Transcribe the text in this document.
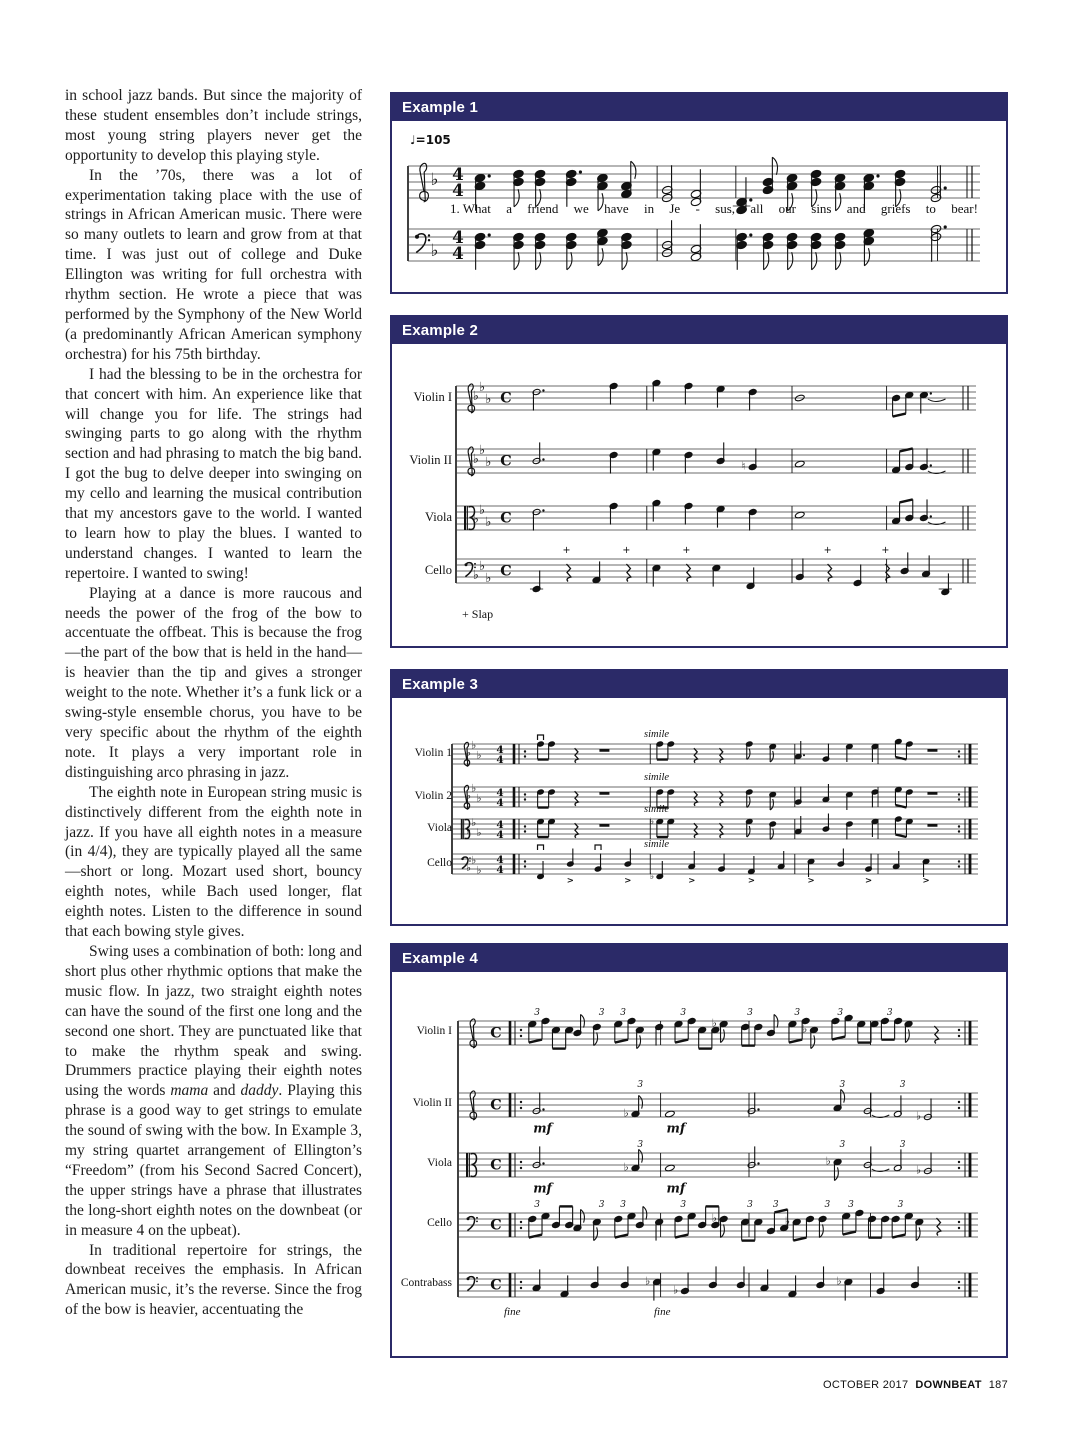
in school jazz bands. But since the majority of these student ensembles don’t include strings, most young string players never get the opportunity to develop this playing style.

In the ’70s, there was a lot of experimentation taking place with the use of strings in African American music. There were so many outlets to learn and grow from at that time. I was just out of college and Duke Ellington was writing for full orchestra with rhythm section. He wrote a piece that was performed by the Symphony of the New World (a predominantly African American symphony orchestra) for his 75th birthday.

I had the blessing to be in the orchestra for that concert with him. An experience like that will change you for life. The strings had swinging parts to go along with the rhythm section and had phrasing to match the big band. I got the bug to delve deeper into swinging on my cello and learning the musical contribution that my ancestors gave to the world. I wanted to learn how to play the blues. I wanted to understand changes. I wanted to learn the repertoire. I wanted to swing!

Playing at a dance is more raucous and needs the power of the frog of the bow to accentuate the offbeat. This is because the frog—the part of the bow that is held in the hand—is heavier than the tip and gives a stronger weight to the note. Whether it’s a funk lick or a swing-style ensemble chorus, you have to be very specific about the rhythm of the eighth note. It plays a very important role in distinguishing arco phrasing in jazz.

The eighth note in European string music is distinctively different from the eighth note in jazz. If you have all eighth notes in a measure (in 4/4), they are typically played all the same—short or long. Mozart used short, bouncy eighth notes, while Bach used longer, flat eighth notes. Listen to the difference in sound that each bowing style gives.

Swing uses a combination of both: long and short plus other rhythmic options that make the music flow. In jazz, two straight eighth notes can have the sound of the first one long and the second one short. They are punctuated like that to make the rhythm speak and swing. Drummers practice playing their eighth notes using the words mama and daddy. Playing this phrase is a good way to get strings to emulate the sound of swing with the bow. In Example 3, my string quartet arrangement of Ellington’s “Freedom” (from his Second Sacred Concert), the upper strings have a phrase that illustrates the long-short eighth notes on the downbeat (or in measure 4 on the upbeat).

In traditional repertoire for strings, the downbeat receives the emphasis. In African American music, it’s the reverse. Since the frog of the bow is heavier, accentuating the

Example 1
♭ 4
4
♭
4
4
♩=105
1. What a friend we have in Je - sus, all our sins and griefs to bear!
Example 2
♭
♭
♭ C
♭
♭
♭ C	♮
♭
♭
♭ C
♭
♭
♭ C
+	+	+	+	+
Violin I
Violin II
Viola
Cello
+ Slap
Example 3
♭
♭
♭ 4
4
♭
♭
♭ 4
4
♭
♭
♭
4
4
♭
♭
♭
♭
4
4
>	> ♭	>	>	>	>	>
Violin 1
Violin 2
Viola
Cello
simile
simile
simile
simile
Example 4
C
3	3 3	3
♭
3	3
♭
3	3
C
mf
3
♭
mf
3	3
♭
C
mf
3
♭
mf
3
♭
3
♭
C
3	3 3	3
♭
3 3
♭
3 3	3
C	♭
♭
♭
Violin I
Violin II
Viola
Cello
Contrabass
fine	fine
OCTOBER 2017 DOWNBEAT 187
